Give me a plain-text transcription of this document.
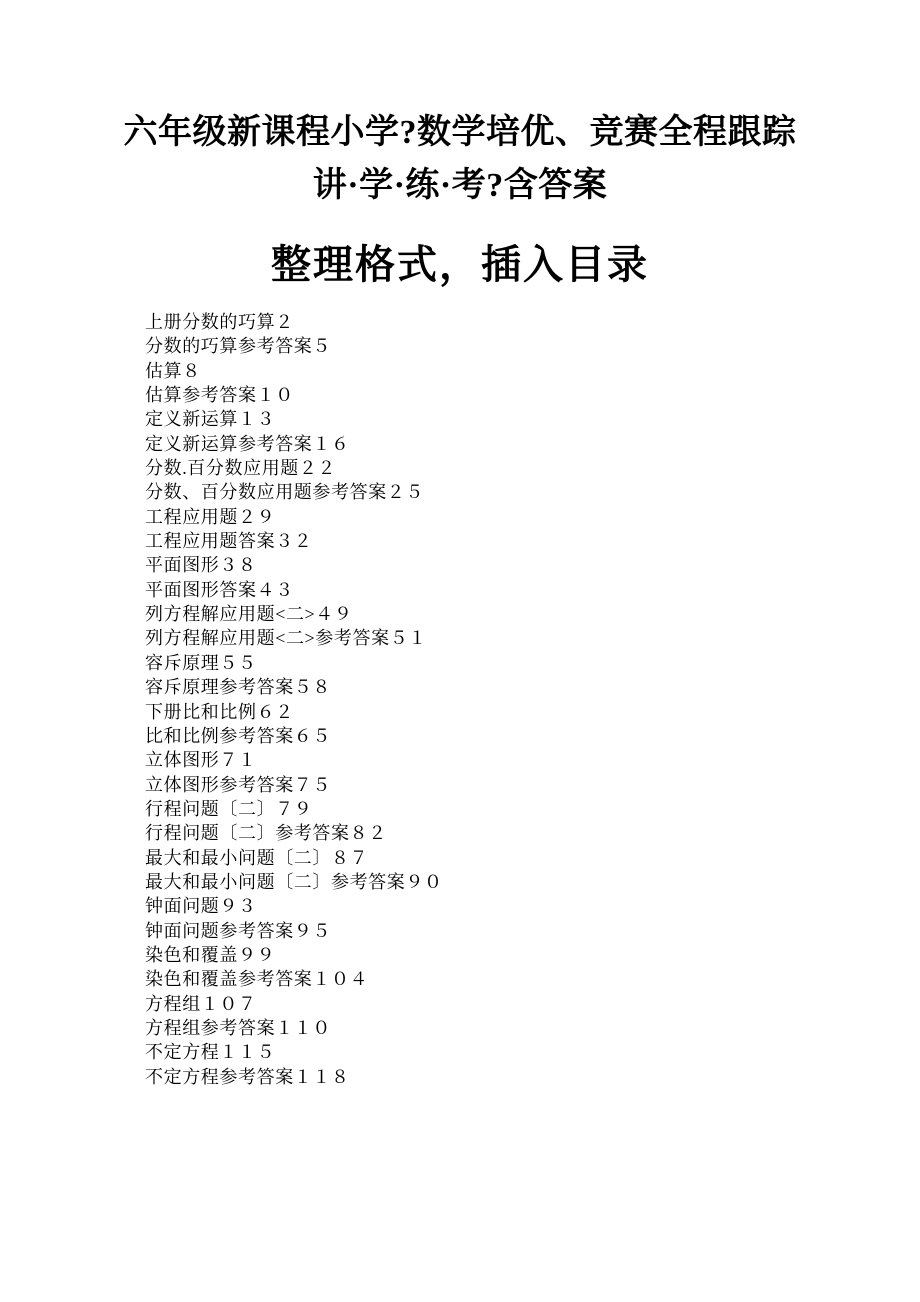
六年级新课程小学?数学培优、竞赛全程跟踪
讲·学·练·考?含答案
整理格式，插入目录
上册分数的巧算２
分数的巧算参考答案５
估算８
估算参考答案１０
定义新运算１３
定义新运算参考答案１６
分数.百分数应用题２２
分数、百分数应用题参考答案２５
工程应用题２９
工程应用题答案３２
平面图形３８
平面图形答案４３
列方程解应用题<二>４９
列方程解应用题<二>参考答案５１
容斥原理５５
容斥原理参考答案５８
下册比和比例６２
比和比例参考答案６５
立体图形７１
立体图形参考答案７５
行程问题〔二〕７９
行程问题〔二〕参考答案８２
最大和最小问题〔二〕８７
最大和最小问题〔二〕参考答案９０
钟面问题９３
钟面问题参考答案９５
染色和覆盖９９
染色和覆盖参考答案１０４
方程组１０７
方程组参考答案１１０
不定方程１１５
不定方程参考答案１１８
